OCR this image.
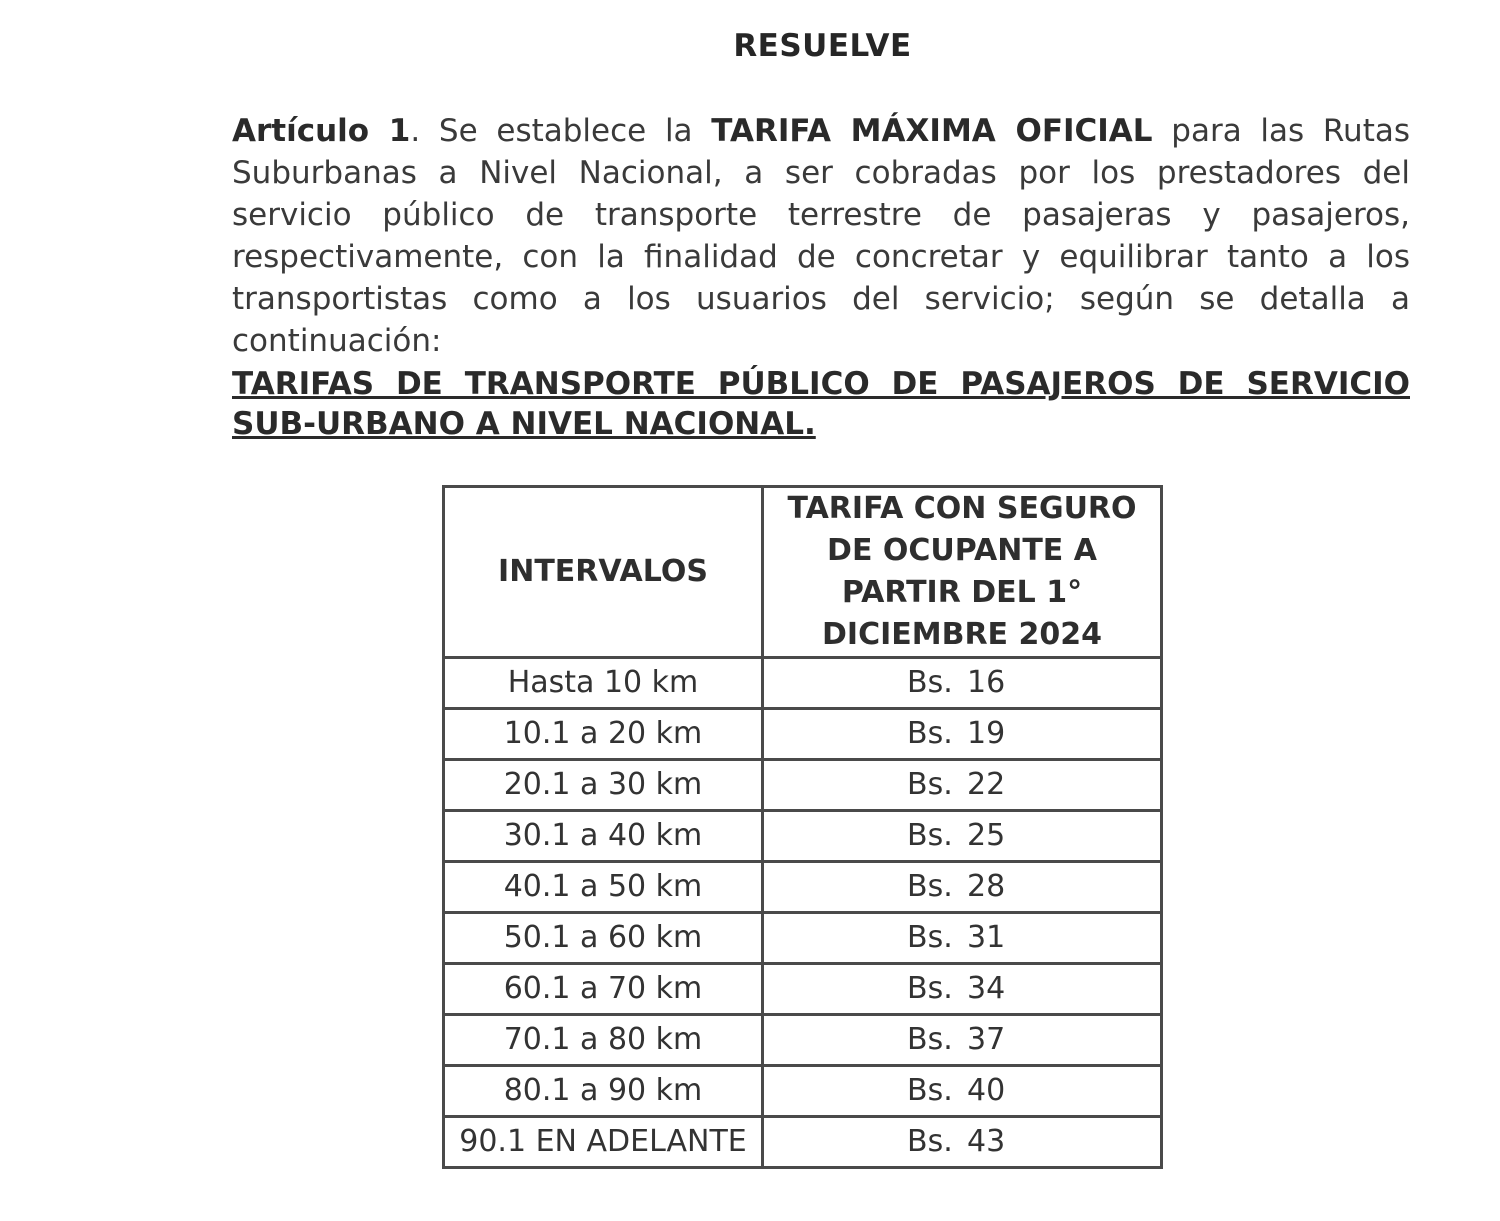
RESUELVE
Artículo 1. Se establece la TARIFA MÁXIMA OFICIAL para las Rutas Suburbanas a Nivel Nacional, a ser cobradas por los prestadores del servicio público de transporte terrestre de pasajeras y pasajeros, respectivamente, con la finalidad de concretar y equilibrar tanto a los transportistas como a los usuarios del servicio; según se detalla a continuación:
TARIFAS DE TRANSPORTE PÚBLICO DE PASAJEROS DE SERVICIO SUB-URBANO A NIVEL NACIONAL.
INTERVALOS	TARIFA CON SEGURO DE OCUPANTE A PARTIR DEL 1° DICIEMBRE 2024
Hasta 10 km	Bs. 16
10.1 a 20 km	Bs. 19
20.1 a 30 km	Bs. 22
30.1 a 40 km	Bs. 25
40.1 a 50 km	Bs. 28
50.1 a 60 km	Bs. 31
60.1 a 70 km	Bs. 34
70.1 a 80 km	Bs. 37
80.1 a 90 km	Bs. 40
90.1 EN ADELANTE	Bs. 43
